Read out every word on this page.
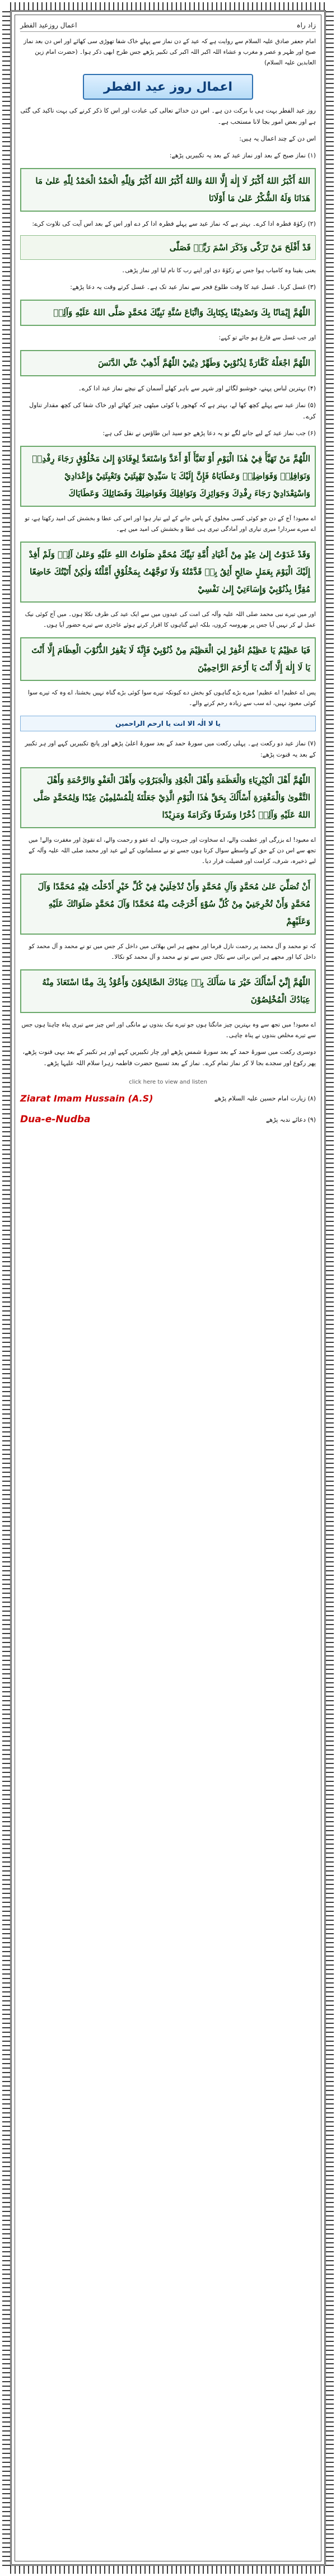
اعمال روزعید الفطر	زاد راہ
امام جعفر صادق علیہ السلام سے روایت ہے کہ عید کے دن نماز سے پہلے خاک شفا تھوڑی سی کھائے اور اس دن بعد نماز صبح اور ظہر و عصر و مغرب و عشاء اللہ اکبر اللہ اکبر کی تکبیر پڑھے جس طرح ابھی ذکر ہوا۔ (حضرت امام زین العابدین علیہ السلام)
اعمال روز عید الفطر
روز عید الفطر بہت ہی با برکت دن ہے۔ اس دن خدائے تعالی کی عبادت اور اس کا ذکر کرنے کی بہت تاکید کی گئی ہے اور بعض امور بجا لانا مستحب ہے۔
اس دن کے چند اعمال یہ ہیں:
(۱) نماز صبح کے بعد اور نماز عید کے بعد یہ تکبیریں پڑھے:
اللهُ أَكْبَرُ اللهُ أَكْبَرُ لَا إِلٰهَ إِلَّا اللهُ وَاللهُ أَكْبَرُ اللهُ أَكْبَرُ وَلِلّٰهِ الْحَمْدُ الْحَمْدُ لِلّٰهِ عَلىٰ مَا هَدَانَا وَلَهُ الشُّكْرُ عَلىٰ مَا أَوْلَانَا
(۲) زکوٰۃ فطرہ ادا کرے۔ بہتر ہے کہ نماز عید سے پہلے فطرہ ادا کر دے اور اس کے بعد اس آیت کی تلاوت کرے:
قَدْ أَفْلَحَ مَنْ تَزَكّٰى وَذَكَرَ اسْمَ رَبِّهٖ فَصَلّٰى
یعنی یقینا وہ کامیاب ہوا جس نے زکوٰۃ دی اور اپنے رب کا نام لیا اور نماز پڑھی۔
(۳) غسل کرنا۔ غسل عید کا وقت طلوع فجر سے نماز عید تک ہے۔ غسل کرتے وقت یہ دعا پڑھے:
اللّٰهُمَّ إِيْمَانًا بِكَ وَتَصْدِيْقًا بِكِتَابِكَ وَاتِّبَاعَ سُنَّةِ نَبِيِّكَ مُحَمَّدٍ صَلَّى اللهُ عَلَيْهِ وَآلِهٖ
اور جب غسل سے فارغ ہو جائے تو کہے:
اللّٰهُمَّ اجْعَلْهُ كَفَّارَةً لِذُنُوْبِيْ وَطَهِّرْ دِيْنِيْ اللّٰهُمَّ أَذْهِبْ عَنِّي الدَّنَسَ
(۴) بہترین لباس پہنے، خوشبو لگائے اور شہر سے باہر کھلے آسمان کے نیچے نماز عید ادا کرے۔
(۵) نماز عید سے پہلے کچھ کھا لے، بہتر ہے کہ کھجور یا کوئی میٹھی چیز کھائے اور خاک شفا کی کچھ مقدار تناول کرے۔
(۶) جب نماز عید کے لیے جانے لگے تو یہ دعا پڑھے جو سید ابن طاؤس نے نقل کی ہے:
اللّٰهُمَّ مَنْ تَهَيَّأَ فِيْ هٰذَا الْيَوْمِ أَوْ تَعَبَّأَ أَوْ أَعَدَّ وَاسْتَعَدَّ لِوِفَادَةٍ إِلىٰ مَخْلُوْقٍ رَجَاءَ رِفْدِهٖ وَنَوَافِلِهٖ وَفَوَاضِلِهٖ وَعَطَايَاهُ فَإِنَّ إِلَيْكَ يَا سَيِّدِيْ تَهْيِئَتِيْ وَتَعْبِئَتِيْ وَإِعْدَادِيْ وَاسْتِعْدَادِيْ رَجَاءَ رِفْدِكَ وَجَوَائِزِكَ وَنَوَافِلِكَ وَفَوَاضِلِكَ وَفَضَائِلِكَ وَعَطَايَاكَ
اے معبود! آج کے دن جو کوئی کسی مخلوق کے پاس جانے کے لیے تیار ہوا اور اس کی عطا و بخشش کی امید رکھتا ہے، تو اے میرے سردار! میری تیاری اور آمادگی تیری ہی عطا و بخشش کی امید میں ہے۔
وَقَدْ غَدَوْتُ إِلىٰ عِيْدٍ مِنْ أَعْيَادِ أُمَّةِ نَبِيِّكَ مُحَمَّدٍ صَلَوَاتُ اللهِ عَلَيْهِ وَعَلىٰ آلِهٖ وَلَمْ أَفِدْ إِلَيْكَ الْيَوْمَ بِعَمَلٍ صَالِحٍ أَثِقُ بِهٖ قَدَّمْتُهٗ وَلَا تَوَجَّهْتُ بِمَخْلُوْقٍ أَمَّلْتُهٗ وَلٰكِنْ أَتَيْتُكَ خَاضِعًا مُقِرًّا بِذُنُوْبِيْ وَإِسَاءَتِيْ إِلىٰ نَفْسِيْ
اور میں تیرے نبی محمد صلی اللہ علیہ وآلہ کی امت کی عیدوں میں سے ایک عید کی طرف نکلا ہوں۔ میں آج کوئی نیک عمل لے کر نہیں آیا جس پر بھروسہ کروں، بلکہ اپنے گناہوں کا اقرار کرتے ہوئے عاجزی سے تیرے حضور آیا ہوں۔
فَيَا عَظِيْمُ يَا عَظِيْمُ اغْفِرْ لِيَ الْعَظِيْمَ مِنْ ذُنُوْبِيْ فَإِنَّهٗ لَا يَغْفِرُ الذُّنُوْبَ الْعِظَامَ إِلَّا أَنْتَ يَا لَا إِلٰهَ إِلَّا أَنْتَ يَا أَرْحَمَ الرَّاحِمِيْنَ
پس اے عظیم! اے عظیم! میرے بڑے گناہوں کو بخش دے کیونکہ تیرے سوا کوئی بڑے گناہ نہیں بخشتا، اے وہ کہ تیرے سوا کوئی معبود نہیں، اے سب سے زیادہ رحم کرنے والے۔
یا لا الٰہ الا انت یا ارحم الراحمین
(۷) نماز عید دو رکعت ہے۔ پہلی رکعت میں سورۂ حمد کے بعد سورۂ اعلیٰ پڑھے اور پانچ تکبیریں کہے اور ہر تکبیر کے بعد یہ قنوت پڑھے:
اللّٰهُمَّ أَهْلَ الْكِبْرِيَاءِ وَالْعَظَمَةِ وَأَهْلَ الْجُوْدِ وَالْجَبَرُوْتِ وَأَهْلَ الْعَفْوِ وَالرَّحْمَةِ وَأَهْلَ التَّقْوىٰ وَالْمَغْفِرَةِ أَسْأَلُكَ بِحَقِّ هٰذَا الْيَوْمِ الَّذِيْ جَعَلْتَهٗ لِلْمُسْلِمِيْنَ عِيْدًا وَلِمُحَمَّدٍ صَلَّى اللهُ عَلَيْهِ وَآلِهٖ ذُخْرًا وَشَرَفًا وَكَرَامَةً وَمَزِيْدًا
اے معبود! اے بزرگی اور عظمت والے، اے سخاوت اور جبروت والے، اے عفو و رحمت والے، اے تقویٰ اور مغفرت والے! میں تجھ سے اس دن کے حق کے واسطے سوال کرتا ہوں جسے تو نے مسلمانوں کے لیے عید اور محمد صلی اللہ علیہ وآلہ کے لیے ذخیرہ، شرف، کرامت اور فضیلت قرار دیا۔
أَنْ تُصَلِّيَ عَلىٰ مُحَمَّدٍ وَآلِ مُحَمَّدٍ وَأَنْ تُدْخِلَنِيْ فِيْ كُلِّ خَيْرٍ أَدْخَلْتَ فِيْهِ مُحَمَّدًا وَآلَ مُحَمَّدٍ وَأَنْ تُخْرِجَنِيْ مِنْ كُلِّ سُوْءٍ أَخْرَجْتَ مِنْهُ مُحَمَّدًا وَآلَ مُحَمَّدٍ صَلَوَاتُكَ عَلَيْهِ وَعَلَيْهِمْ
کہ تو محمد و آل محمد پر رحمت نازل فرما اور مجھے ہر اس بھلائی میں داخل کر جس میں تو نے محمد و آل محمد کو داخل کیا اور مجھے ہر اس برائی سے نکال جس سے تو نے محمد و آل محمد کو نکالا۔
اللّٰهُمَّ إِنِّيْ أَسْأَلُكَ خَيْرَ مَا سَأَلَكَ بِهٖ عِبَادُكَ الصَّالِحُوْنَ وَأَعُوْذُ بِكَ مِمَّا اسْتَعَاذَ مِنْهُ عِبَادُكَ الْمُخْلِصُوْنَ
اے معبود! میں تجھ سے وہ بہترین چیز مانگتا ہوں جو تیرے نیک بندوں نے مانگی اور اس چیز سے تیری پناہ چاہتا ہوں جس سے تیرے مخلص بندوں نے پناہ چاہی۔
دوسری رکعت میں سورۂ حمد کے بعد سورۂ شمس پڑھے اور چار تکبیریں کہے اور ہر تکبیر کے بعد یہی قنوت پڑھے، پھر رکوع اور سجدے بجا لا کر نماز تمام کرے۔ نماز کے بعد تسبیح حضرت فاطمہ زہرا سلام اللہ علیہا پڑھے۔
click here to view and listen
Ziarat Imam Hussain (A.S)	(۸) زیارت امام حسین علیہ السلام پڑھے
Dua-e-Nudba	(۹) دعائے ندبہ پڑھے
